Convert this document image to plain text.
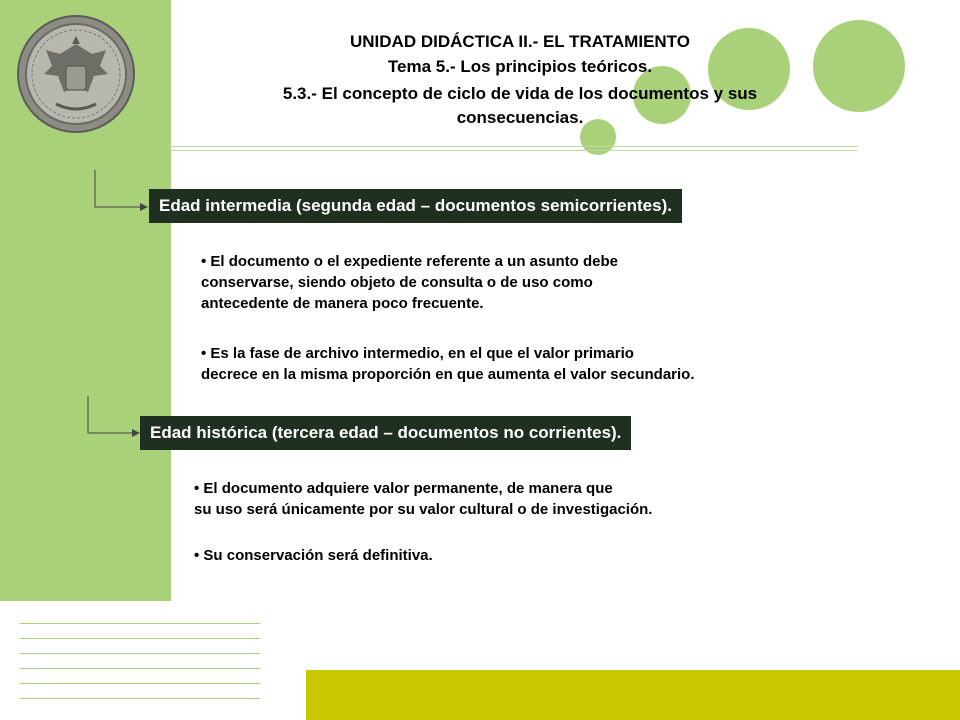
UNIDAD DIDÁCTICA II.- EL TRATAMIENTO
Tema 5.- Los principios teóricos.
5.3.- El concepto de ciclo de vida de los documentos y sus
consecuencias.
Edad intermedia (segunda edad – documentos semicorrientes).
• El documento o el expediente referente a un asunto debe
conservarse, siendo objeto de consulta o de uso como
antecedente de manera poco frecuente.
• Es la fase de archivo intermedio, en el que el valor primario
decrece en la misma proporción en que aumenta el valor secundario.
Edad histórica (tercera edad – documentos no corrientes).
• El documento adquiere valor permanente, de manera que
su uso será únicamente por su valor cultural o de investigación.
• Su conservación será definitiva.
